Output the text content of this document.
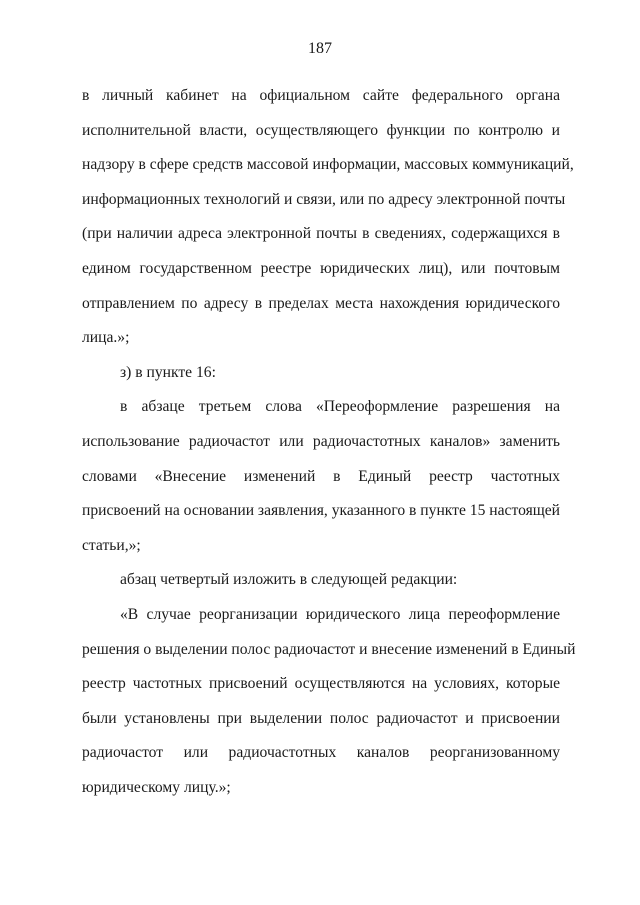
187
в личный кабинет на официальном сайте федерального органа
исполнительной власти, осуществляющего функции по контролю и
надзору в сфере средств массовой информации, массовых коммуникаций,
информационных технологий и связи, или по адресу электронной почты
(при наличии адреса электронной почты в сведениях, содержащихся в
едином государственном реестре юридических лиц), или почтовым
отправлением по адресу в пределах места нахождения юридического
лица.»;
з) в пункте 16:
в абзаце третьем слова «Переоформление разрешения на
использование радиочастот или радиочастотных каналов» заменить
словами «Внесение изменений в Единый реестр частотных
присвоений на основании заявления, указанного в пункте 15 настоящей
статьи,»;
абзац четвертый изложить в следующей редакции:
«В случае реорганизации юридического лица переоформление
решения о выделении полос радиочастот и внесение изменений в Единый
реестр частотных присвоений осуществляются на условиях, которые
были установлены при выделении полос радиочастот и присвоении
радиочастот или радиочастотных каналов реорганизованному
юридическому лицу.»;
